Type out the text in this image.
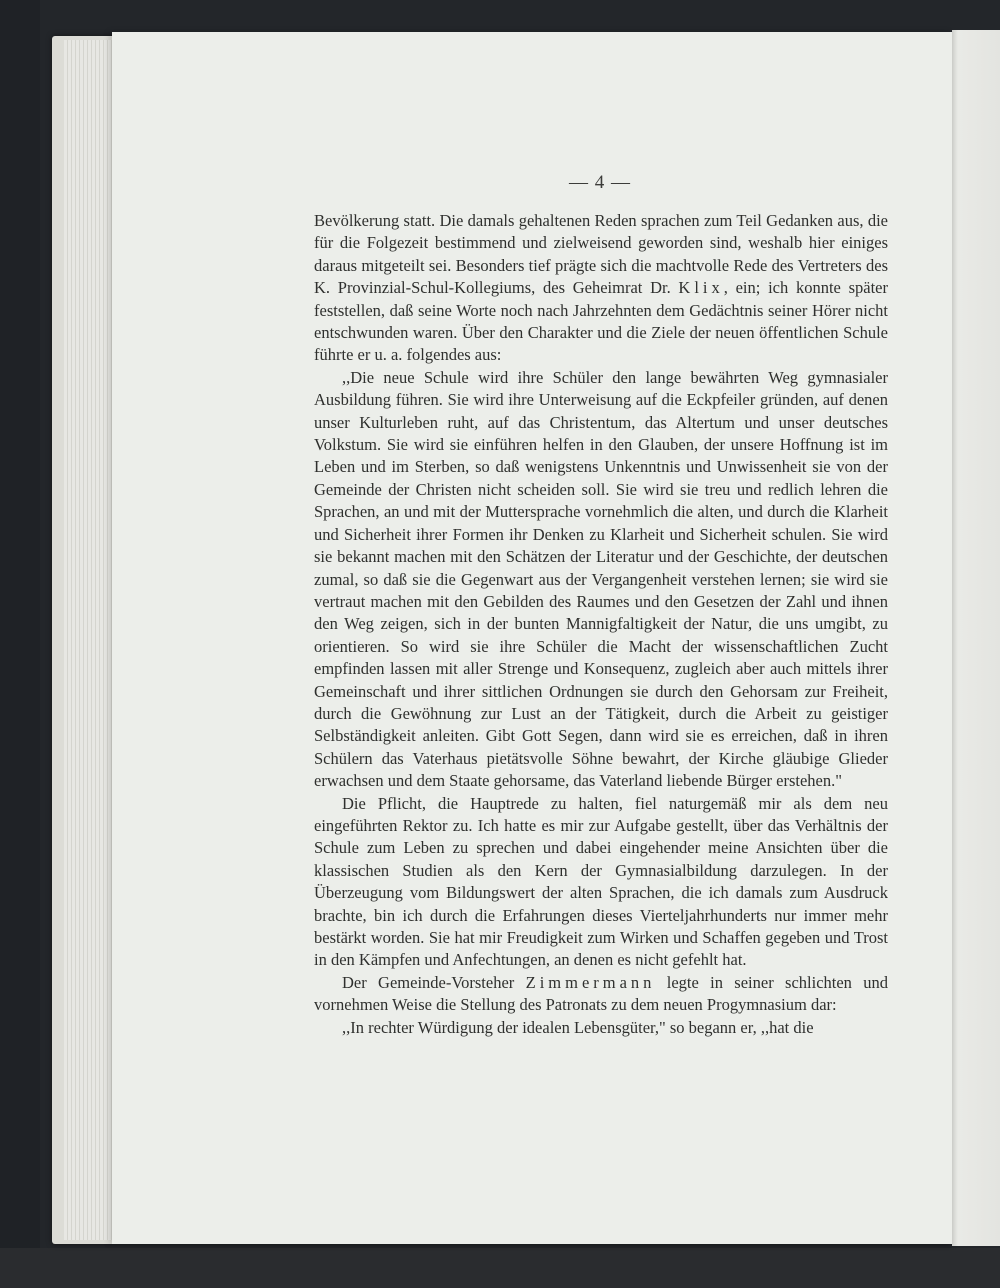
— 4 —

Bevölkerung statt. Die damals gehaltenen Reden sprachen zum Teil Gedanken aus, die für die Folgezeit bestimmend und zielweisend geworden sind, weshalb hier einiges daraus mitgeteilt sei. Besonders tief prägte sich die machtvolle Rede des Vertreters des K. Provinzial-Schul-Kollegiums, des Geheimrat Dr. Klix, ein; ich konnte später feststellen, daß seine Worte noch nach Jahrzehnten dem Gedächtnis seiner Hörer nicht entschwunden waren. Über den Charakter und die Ziele der neuen öffentlichen Schule führte er u. a. folgendes aus:

,,Die neue Schule wird ihre Schüler den lange bewährten Weg gymnasialer Ausbildung führen. Sie wird ihre Unterweisung auf die Eckpfeiler gründen, auf denen unser Kulturleben ruht, auf das Christentum, das Altertum und unser deutsches Volkstum. Sie wird sie einführen helfen in den Glauben, der unsere Hoffnung ist im Leben und im Sterben, so daß wenigstens Unkenntnis und Unwissenheit sie von der Gemeinde der Christen nicht scheiden soll. Sie wird sie treu und redlich lehren die Sprachen, an und mit der Muttersprache vornehmlich die alten, und durch die Klarheit und Sicherheit ihrer Formen ihr Denken zu Klarheit und Sicherheit schulen. Sie wird sie bekannt machen mit den Schätzen der Literatur und der Geschichte, der deutschen zumal, so daß sie die Gegenwart aus der Vergangenheit verstehen lernen; sie wird sie vertraut machen mit den Gebilden des Raumes und den Gesetzen der Zahl und ihnen den Weg zeigen, sich in der bunten Mannigfaltigkeit der Natur, die uns umgibt, zu orientieren. So wird sie ihre Schüler die Macht der wissenschaftlichen Zucht empfinden lassen mit aller Strenge und Konsequenz, zugleich aber auch mittels ihrer Gemeinschaft und ihrer sittlichen Ordnungen sie durch den Gehorsam zur Freiheit, durch die Gewöhnung zur Lust an der Tätigkeit, durch die Arbeit zu geistiger Selbständigkeit anleiten. Gibt Gott Segen, dann wird sie es erreichen, daß in ihren Schülern das Vaterhaus pietätsvolle Söhne bewahrt, der Kirche gläubige Glieder erwachsen und dem Staate gehorsame, das Vaterland liebende Bürger erstehen."

Die Pflicht, die Hauptrede zu halten, fiel naturgemäß mir als dem neu eingeführten Rektor zu. Ich hatte es mir zur Aufgabe gestellt, über das Verhältnis der Schule zum Leben zu sprechen und dabei eingehender meine Ansichten über die klassischen Studien als den Kern der Gymnasialbildung darzulegen. In der Überzeugung vom Bildungswert der alten Sprachen, die ich damals zum Ausdruck brachte, bin ich durch die Erfahrungen dieses Vierteljahrhunderts nur immer mehr bestärkt worden. Sie hat mir Freudigkeit zum Wirken und Schaffen gegeben und Trost in den Kämpfen und Anfechtungen, an denen es nicht gefehlt hat.

Der Gemeinde-Vorsteher Zimmermann legte in seiner schlichten und vornehmen Weise die Stellung des Patronats zu dem neuen Progymnasium dar:

,,In rechter Würdigung der idealen Lebensgüter," so begann er, ,,hat die
